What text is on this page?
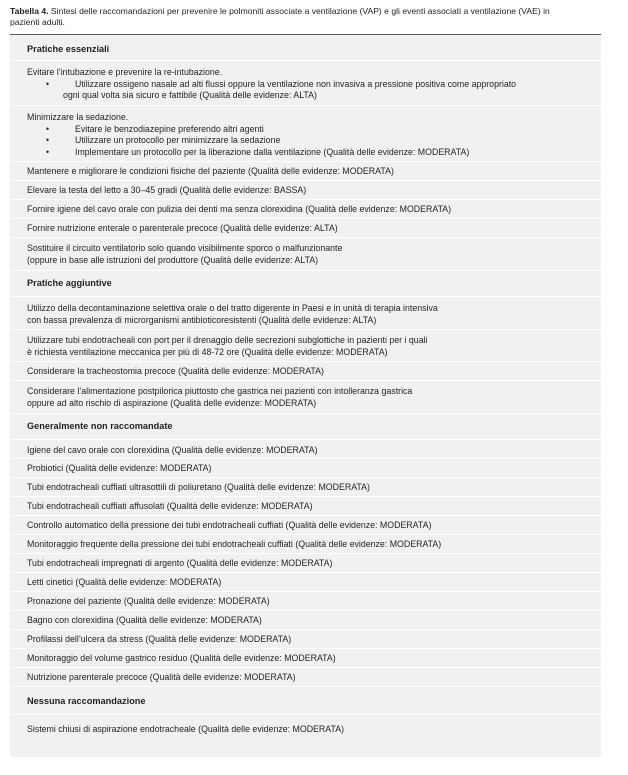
Tabella 4. Sintesi delle raccomandazioni per prevenire le polmoniti associate a ventilazione (VAP) e gli eventi associati a ventilazione (VAE) in
pazienti adulti.
Pratiche essenziali
Evitare l’intubazione e prevenire la re-intubazione.
•	Utilizzare ossigeno nasale ad alti flussi oppure la ventilazione non invasiva a pressione positiva come appropriato
ogni qual volta sia sicuro e fattibile (Qualità delle evidenze: ALTA)
Minimizzare la sedazione.
•	Evitare le benzodiazepine preferendo altri agenti
•	Utilizzare un protocollo per minimizzare la sedazione
•	Implementare un protocollo per la liberazione dalla ventilazione (Qualità delle evidenze: MODERATA)
Mantenere e migliorare le condizioni fisiche del paziente (Qualità delle evidenze: MODERATA)
Elevare la testa del letto a 30–45 gradi (Qualità delle evidenze: BASSA)
Fornire igiene del cavo orale con pulizia dei denti ma senza clorexidina (Qualità delle evidenze: MODERATA)
Fornire nutrizione enterale o parenterale precoce (Qualità delle evidenze: ALTA)
Sostituire il circuito ventilatorio solo quando visibilmente sporco o malfunzionante
(oppure in base alle istruzioni del produttore (Qualità delle evidenze: ALTA)
Pratiche aggiuntive
Utilizzo della decontaminazione selettiva orale o del tratto digerente in Paesi e in unità di terapia intensiva
con bassa prevalenza di microrganismi antibioticoresistenti (Qualità delle evidenze: ALTA)
Utilizzare tubi endotracheali con port per il drenaggio delle secrezioni subglottiche in pazienti per i quali
è richiesta ventilazione meccanica per più di 48-72 ore (Qualità delle evidenze: MODERATA)
Considerare la tracheostomia precoce (Qualità delle evidenze: MODERATA)
Considerare l’alimentazione postpilorica piuttosto che gastrica nei pazienti con intolleranza gastrica
oppure ad alto rischio di aspirazione (Qualità delle evidenze: MODERATA)
Generalmente non raccomandate
Igiene del cavo orale con clorexidina (Qualità delle evidenze: MODERATA)
Probiotici (Qualità delle evidenze: MODERATA)
Tubi endotracheali cuffiati ultrasottili di poliuretano (Qualità delle evidenze: MODERATA)
Tubi endotracheali cuffiati affusolati (Qualità delle evidenze: MODERATA)
Controllo automatico della pressione dei tubi endotracheali cuffiati (Qualità delle evidenze: MODERATA)
Monitoraggio frequente della pressione dei tubi endotracheali cuffiati (Qualità delle evidenze: MODERATA)
Tubi endotracheali impregnati di argento (Qualità delle evidenze: MODERATA)
Letti cinetici (Qualità delle evidenze: MODERATA)
Pronazione del paziente (Qualità delle evidenze: MODERATA)
Bagno con clorexidina (Qualità delle evidenze: MODERATA)
Profilassi dell’ulcera da stress (Qualità delle evidenze: MODERATA)
Monitoraggio del volume gastrico residuo (Qualità delle evidenze: MODERATA)
Nutrizione parenterale precoce (Qualità delle evidenze: MODERATA)
Nessuna raccomandazione
Sistemi chiusi di aspirazione endotracheale (Qualità delle evidenze: MODERATA)
